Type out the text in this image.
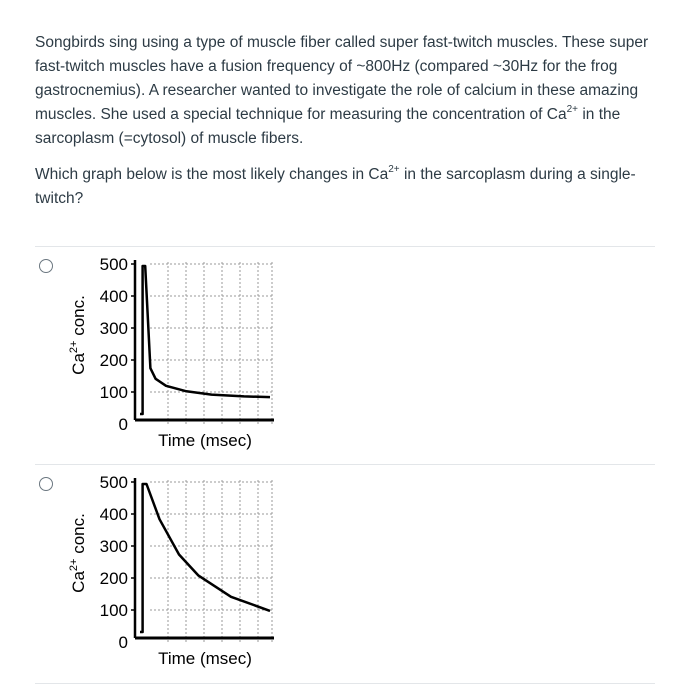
Songbirds sing using a type of muscle fiber called super fast-twitch muscles. These super fast-twitch muscles have a fusion frequency of ~800Hz (compared ~30Hz for the frog gastrocnemius). A researcher wanted to investigate the role of calcium in these amazing muscles. She used a special technique for measuring the concentration of $Ca^{2+}$ in the sarcoplasm (=cytosol) of muscle fibers.

Which graph below is the most likely changes in $Ca^{2+}$ in the sarcoplasm during a single-twitch?

500
400
300
200
100
0
$Ca^{2+}$ conc.
Time (msec)
500
400
300
200
100
0
$Ca^{2+}$ conc.
Time (msec)
